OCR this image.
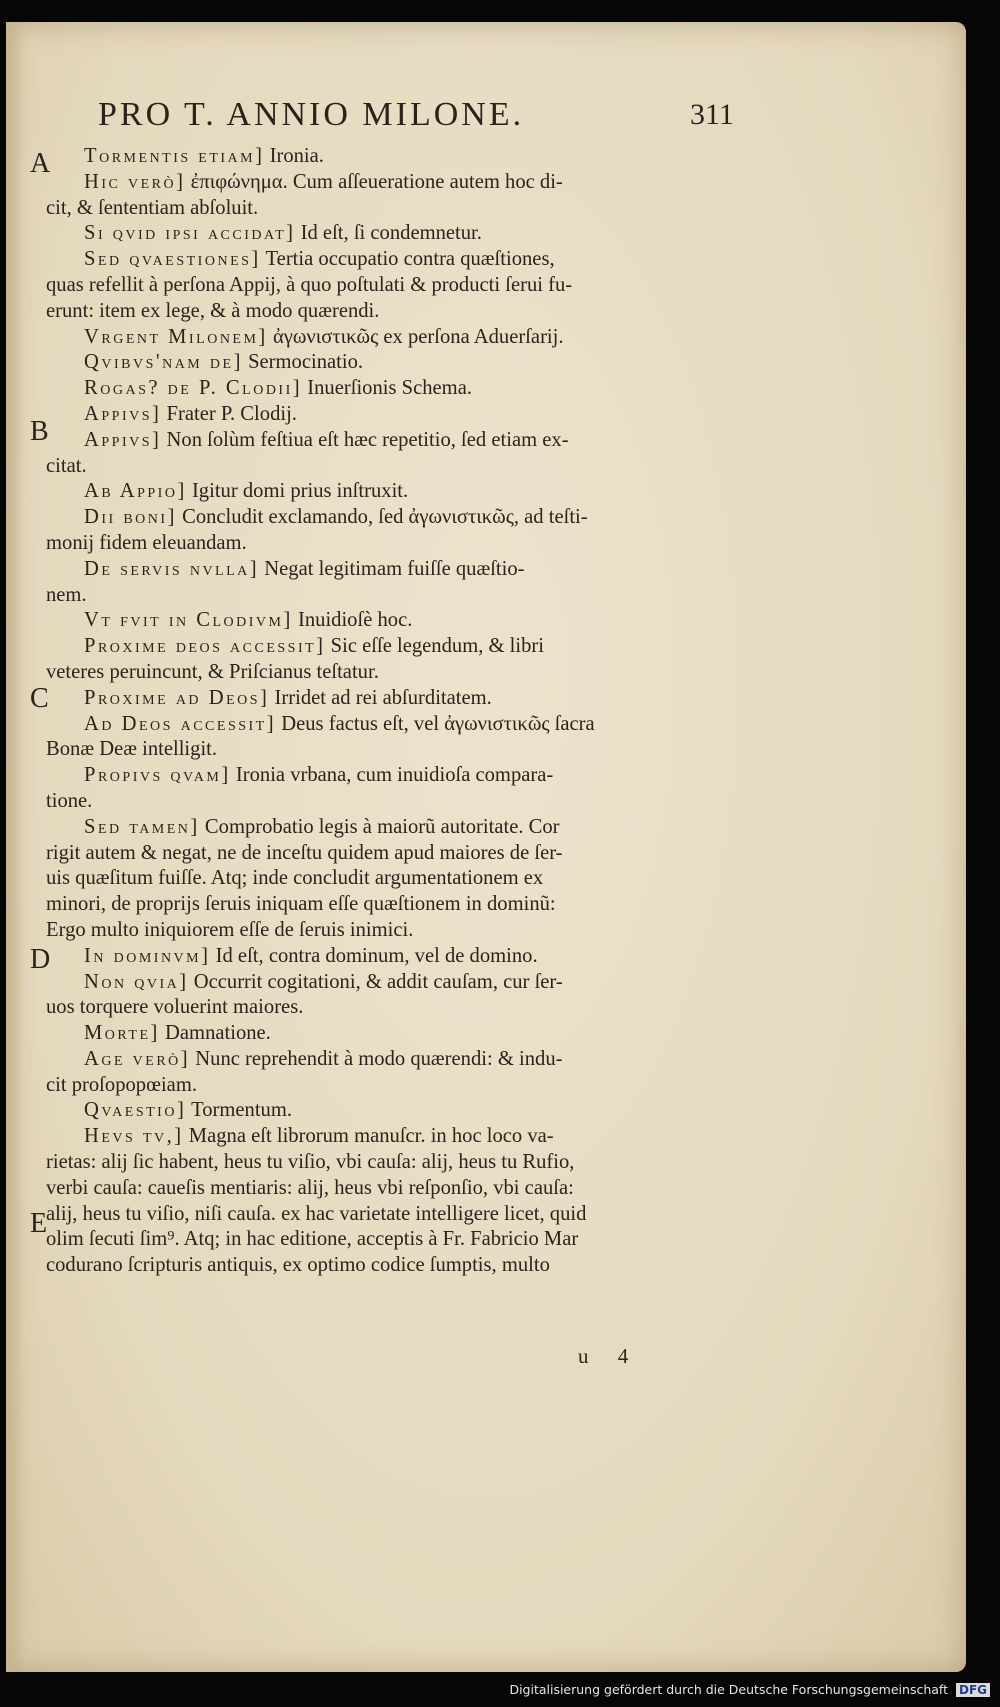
PRO T. ANNIO MILONE.	311
A
B
C
D
E
Tormentis etiam] Ironia.
Hic verò] ἐπιφώνημα. Cum aſſeueratione autem hoc di-
cit, & ſententiam abſoluit.
Si qvid ipsi accidat] Id eſt, ſi condemnetur.
Sed qvaestiones] Tertia occupatio contra quæſtiones,
quas refellit à perſona Appij, à quo poſtulati & producti ſerui fu-
erunt: item ex lege, & à modo quærendi.
Vrgent Milonem] ἀγωνιστικῶς ex perſona Aduerſarij.
Qvibvs'nam de] Sermocinatio.
Rogas? de P. Clodii] Inuerſionis Schema.
Appivs] Frater P. Clodij.
Appivs] Non ſolùm feſtiua eſt hæc repetitio, ſed etiam ex-
citat.
Ab Appio] Igitur domi prius inſtruxit.
Dii boni] Concludit exclamando, ſed ἀγωνιστικῶς, ad teſti-
monij fidem eleuandam.
De servis nvlla] Negat legitimam fuiſſe quæſtio-
nem.
Vt fvit in Clodivm] Inuidioſè hoc.
Proxime deos accessit] Sic eſſe legendum, & libri
veteres peruincunt, & Priſcianus teſtatur.
Proxime ad Deos] Irridet ad rei abſurditatem.
Ad Deos accessit] Deus factus eſt, vel ἀγωνιστικῶς ſacra
Bonæ Deæ intelligit.
Propivs qvam] Ironia vrbana, cum inuidioſa compara-
tione.
Sed tamen] Comprobatio legis à maiorũ autoritate. Cor
rigit autem & negat, ne de inceſtu quidem apud maiores de ſer-
uis quæſitum fuiſſe. Atq; inde concludit argumentationem ex
minori, de proprijs ſeruis iniquam eſſe quæſtionem in dominũ:
Ergo multo iniquiorem eſſe de ſeruis inimici.
In dominvm] Id eſt, contra dominum, vel de domino.
Non qvia] Occurrit cogitationi, & addit cauſam, cur ſer-
uos torquere voluerint maiores.
Morte] Damnatione.
Age verò] Nunc reprehendit à modo quærendi: & indu-
cit proſopopœiam.
Qvaestio] Tormentum.
Hevs tv,] Magna eſt librorum manuſcr. in hoc loco va-
rietas: alij ſic habent, heus tu viſio, vbi cauſa: alij, heus tu Rufio,
verbi cauſa: caueſis mentiaris: alij, heus vbi reſponſio, vbi cauſa:
alij, heus tu viſio, niſi cauſa. ex hac varietate intelligere licet, quid
olim ſecuti ſim⁹. Atq; in hac editione, acceptis à Fr. Fabricio Mar
codurano ſcripturis antiquis, ex optimo codice ſumptis, multo
u 4
Digitalisierung gefördert durch die Deutsche Forschungsgemeinschaft DFG
